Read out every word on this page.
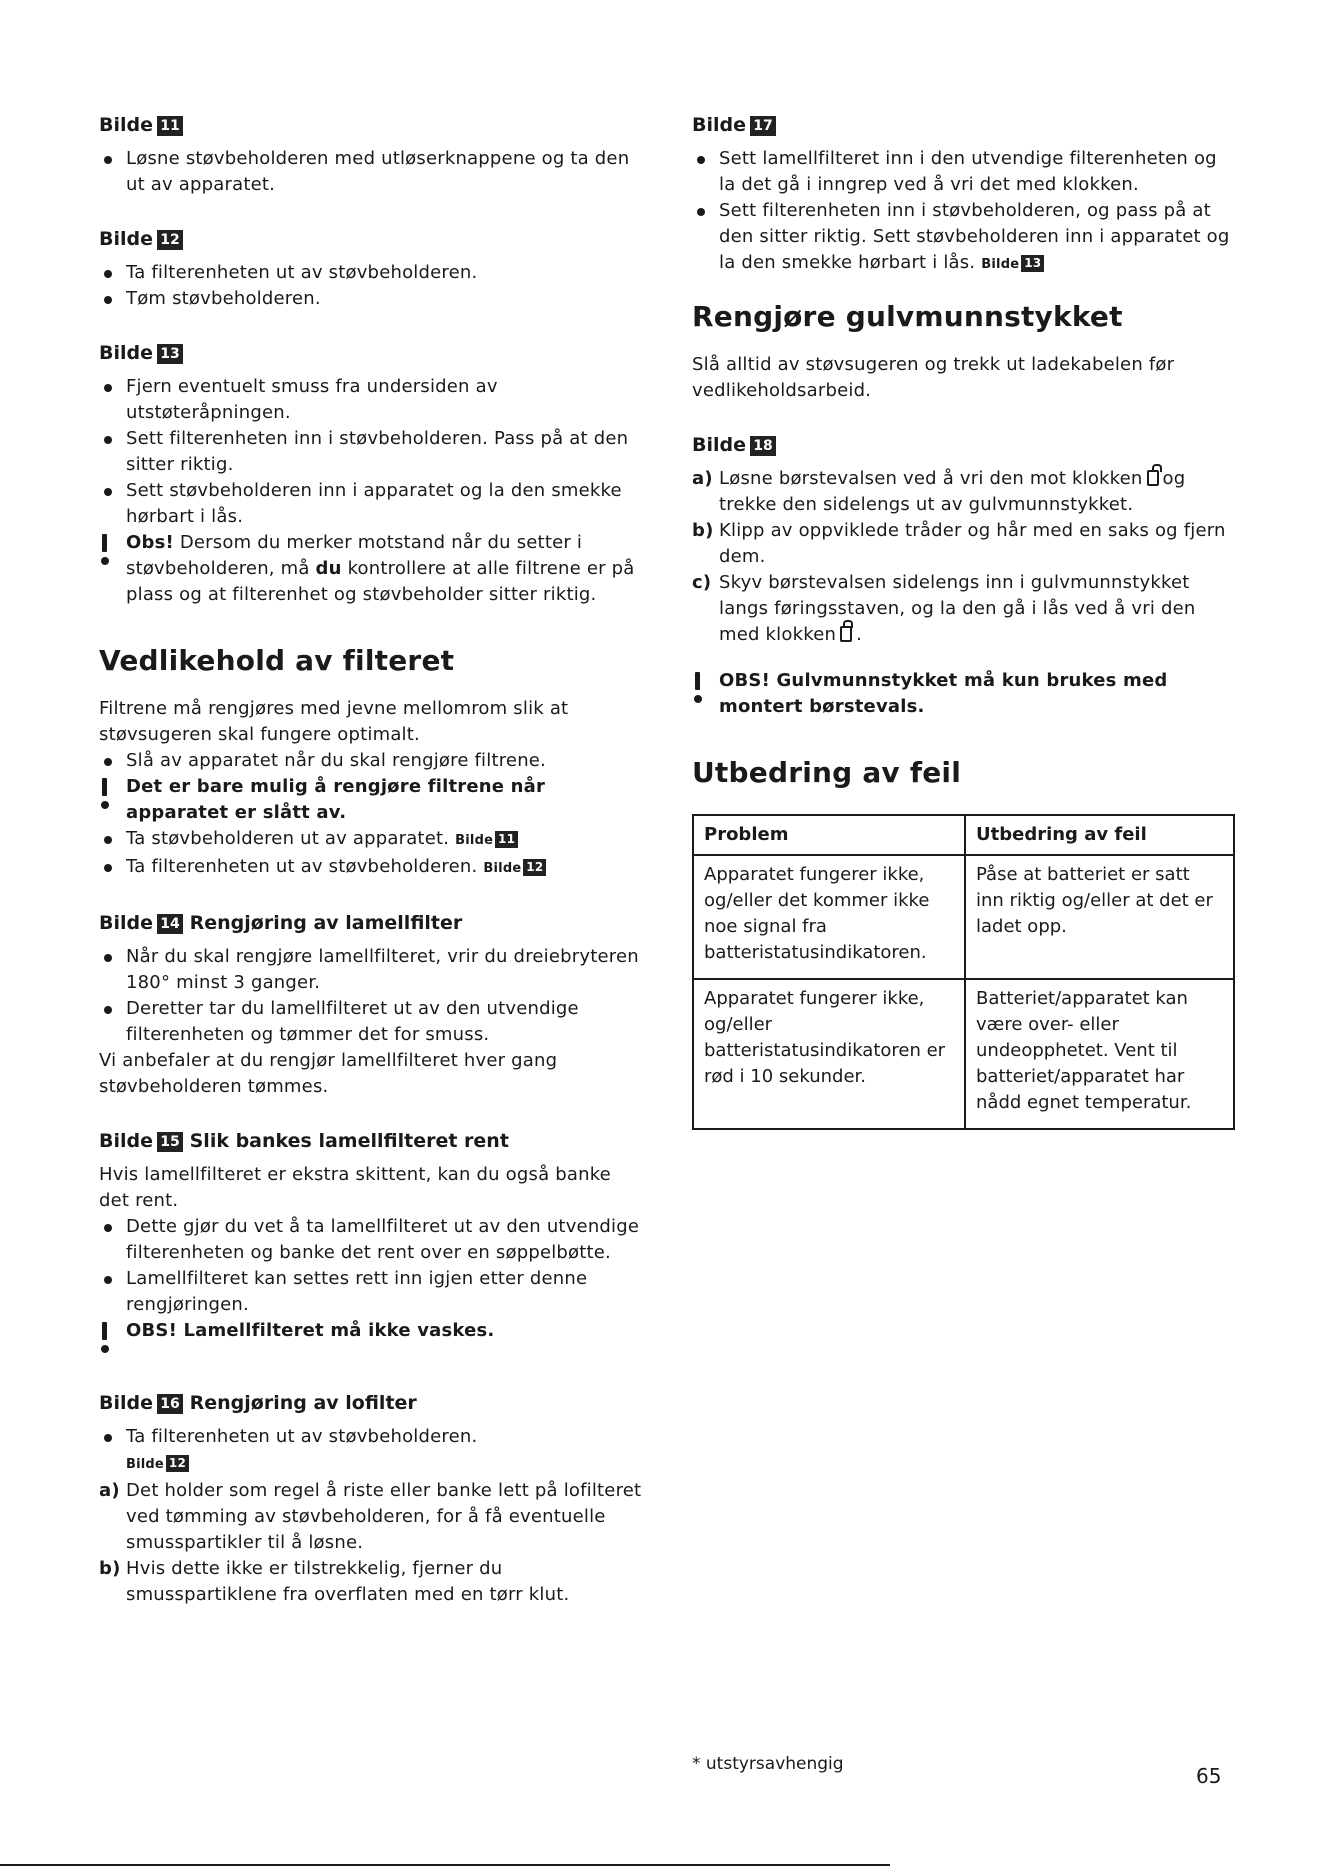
Bilde 11

Løsne støvbeholderen med utløserknappene og ta den ut av apparatet.

Bilde 12

Ta filterenheten ut av støvbeholderen.

Tøm støvbeholderen.

Bilde 13

Fjern eventuelt smuss fra undersiden av utstøteråpningen.

Sett filterenheten inn i støvbeholderen. Pass på at den sitter riktig.

Sett støvbeholderen inn i apparatet og la den smekke hørbart i lås.

Obs! Dersom du merker motstand når du setter i støvbeholderen, må du kontrollere at alle filtrene er på plass og at filterenhet og støvbeholder sitter riktig.

Vedlikehold av filteret

Filtrene må rengjøres med jevne mellomrom slik at støvsugeren skal fungere optimalt.

Slå av apparatet når du skal rengjøre filtrene.

Det er bare mulig å rengjøre filtrene når apparatet er slått av.

Ta støvbeholderen ut av apparatet. Bilde 11

Ta filterenheten ut av støvbeholderen. Bilde 12

Bilde 14 Rengjøring av lamellfilter

Når du skal rengjøre lamellfilteret, vrir du dreiebryteren 180° minst 3 ganger.

Deretter tar du lamellfilteret ut av den utvendige filterenheten og tømmer det for smuss.

Vi anbefaler at du rengjør lamellfilteret hver gang støvbeholderen tømmes.

Bilde 15 Slik bankes lamellfilteret rent

Hvis lamellfilteret er ekstra skittent, kan du også banke det rent.

Dette gjør du vet å ta lamellfilteret ut av den utvendige filterenheten og banke det rent over en søppelbøtte.

Lamellfilteret kan settes rett inn igjen etter denne rengjøringen.

OBS! Lamellfilteret må ikke vaskes.

Bilde 16 Rengjøring av lofilter

Ta filterenheten ut av støvbeholderen.

Bilde 12

a) Det holder som regel å riste eller banke lett på lofilteret ved tømming av støvbeholderen, for å få eventuelle smusspartikler til å løsne.

b) Hvis dette ikke er tilstrekkelig, fjerner du smusspartiklene fra overflaten med en tørr klut.

Bilde 17

Sett lamellfilteret inn i den utvendige filterenheten og la det gå i inngrep ved å vri det med klokken.

Sett filterenheten inn i støvbeholderen, og pass på at den sitter riktig. Sett støvbeholderen inn i apparatet og la den smekke hørbart i lås. Bilde 13

Rengjøre gulvmunnstykket

Slå alltid av støvsugeren og trekk ut ladekabelen før vedlikeholdsarbeid.

Bilde 18

a) Løsne børstevalsen ved å vri den mot klokken og trekke den sidelengs ut av gulvmunnstykket.

b) Klipp av oppviklede tråder og hår med en saks og fjern dem.

c) Skyv børstevalsen sidelengs inn i gulvmunnstykket langs føringsstaven, og la den gå i lås ved å vri den med klokken .

OBS! Gulvmunnstykket må kun brukes med montert børstevals.

Utbedring av feil
Problem	Utbedring av feil
Apparatet fungerer ikke, og/eller det kommer ikke noe signal fra batteristatusindikatoren.	Påse at batteriet er satt inn riktig og/eller at det er ladet opp.
Apparatet fungerer ikke, og/eller batteristatusindikatoren er rød i 10 sekunder.	Batteriet/apparatet kan være over- eller undeopphetet. Vent til batteriet/apparatet har nådd egnet temperatur.
* utstyrsavhengig	65
